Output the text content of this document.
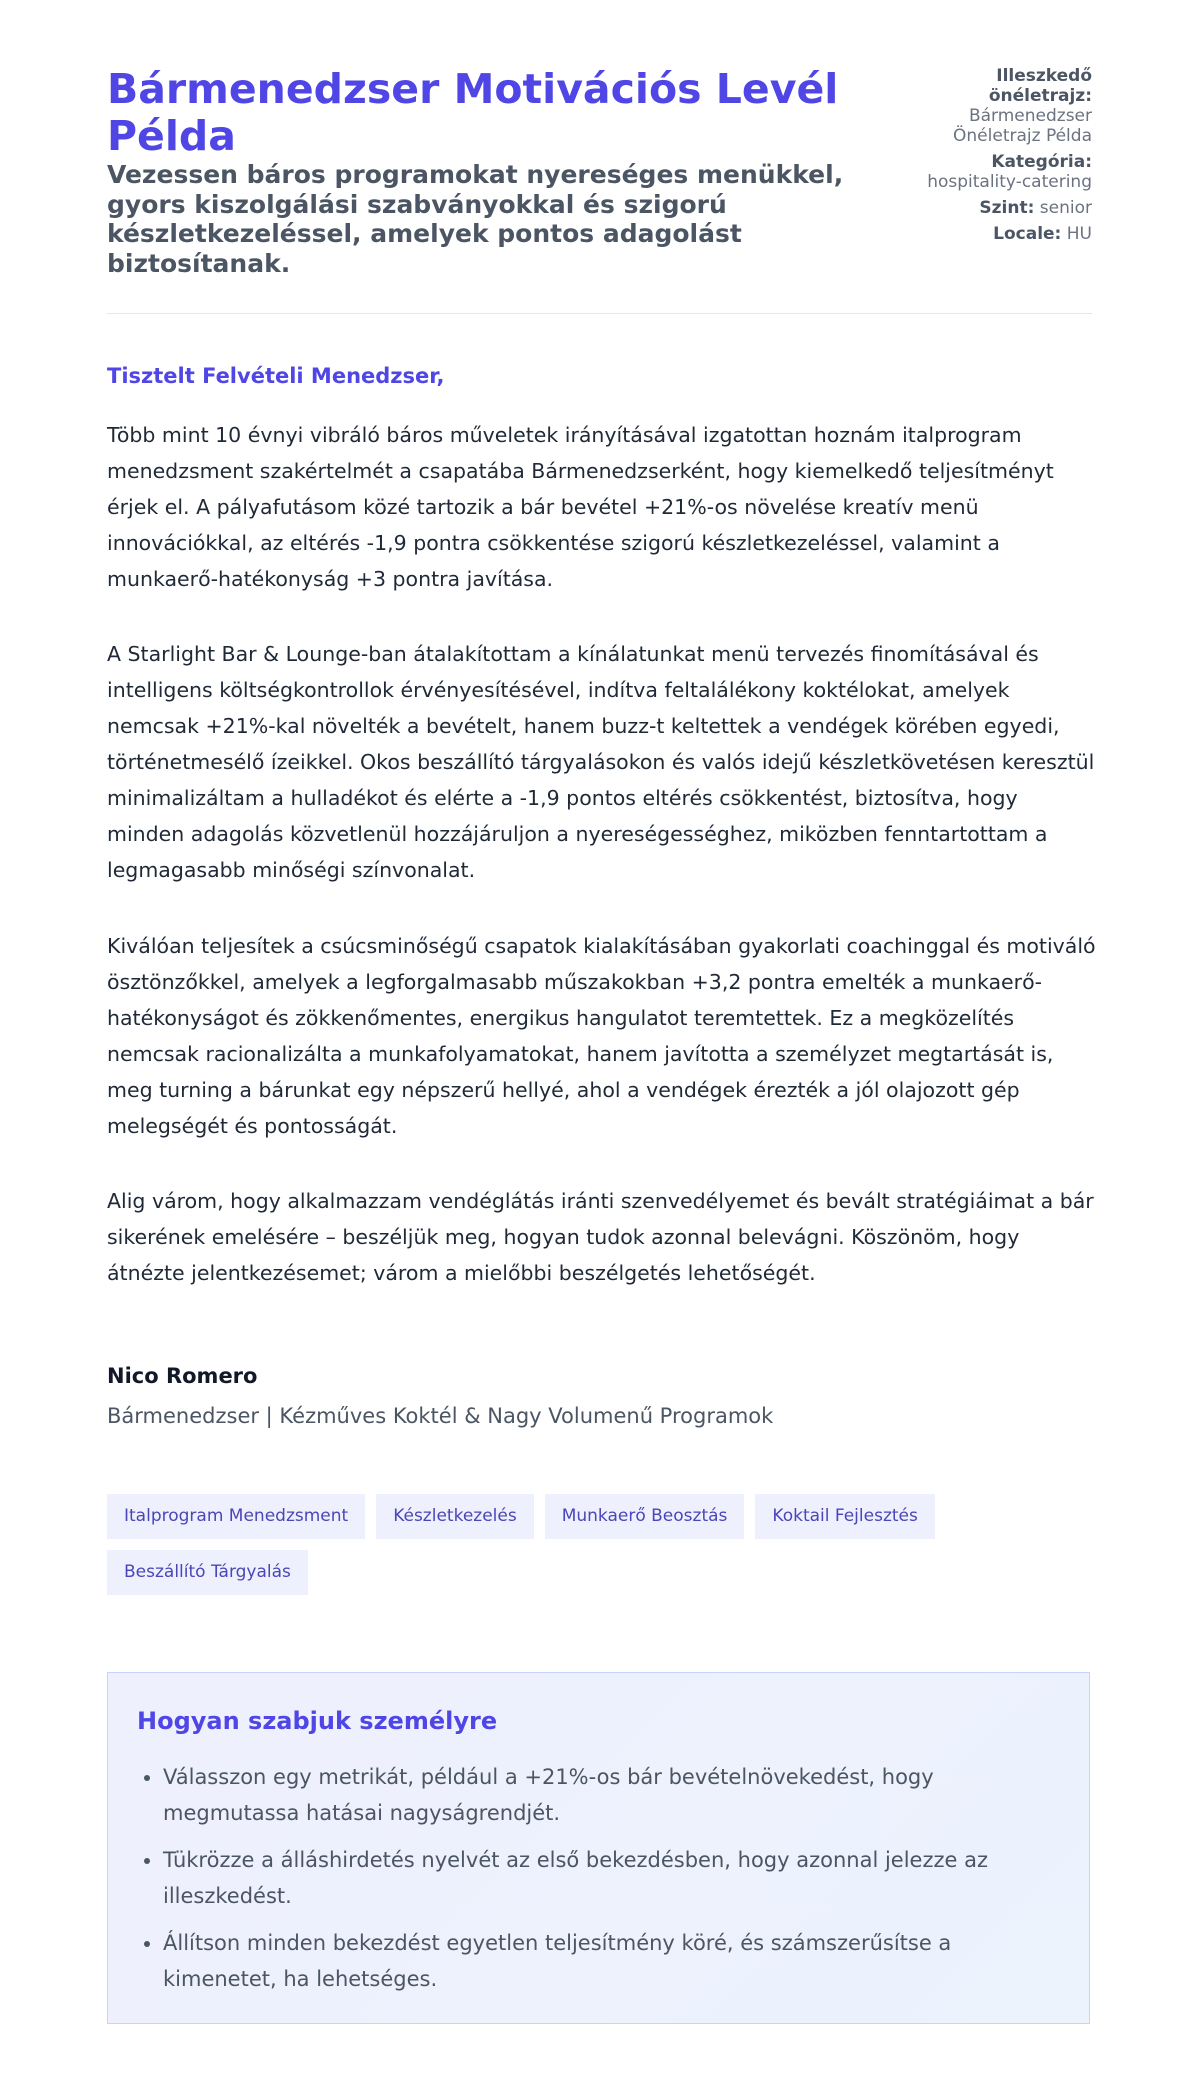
Bármenedzser Motivációs Levél Példa
Vezessen báros programokat nyereséges menükkel, gyors kiszolgálási szabványokkal és szigorú készletkezeléssel, amelyek pontos adagolást biztosítanak.
Illeszkedő önéletrajz: Bármenedzser Önéletrajz Példa
Kategória: hospitality-catering
Szint: senior
Locale: HU

Tisztelt Felvételi Menedzser,

Több mint 10 évnyi vibráló báros műveletek irányításával izgatottan hoznám italprogram menedzsment szakértelmét a csapatába Bármenedzserként, hogy kiemelkedő teljesítményt érjek el. A pályafutásom közé tartozik a bár bevétel +21%-os növelése kreatív menü innovációkkal, az eltérés -1,9 pontra csökkentése szigorú készletkezeléssel, valamint a munkaerő-hatékonyság +3 pontra javítása.

A Starlight Bar & Lounge-ban átalakítottam a kínálatunkat menü tervezés finomításával és intelligens költségkontrollok érvényesítésével, indítva feltalálékony koktélokat, amelyek nemcsak +21%-kal növelték a bevételt, hanem buzz-t keltettek a vendégek körében egyedi, történetmesélő ízeikkel. Okos beszállító tárgyalásokon és valós idejű készletkövetésen keresztül minimalizáltam a hulladékot és elérte a -1,9 pontos eltérés csökkentést, biztosítva, hogy minden adagolás közvetlenül hozzájáruljon a nyereségességhez, miközben fenntartottam a legmagasabb minőségi színvonalat.

Kiválóan teljesítek a csúcsminőségű csapatok kialakításában gyakorlati coachinggal és motiváló ösztönzőkkel, amelyek a legforgalmasabb műszakokban +3,2 pontra emelték a munkaerő-hatékonyságot és zökkenőmentes, energikus hangulatot teremtettek. Ez a megközelítés nemcsak racionalizálta a munkafolyamatokat, hanem javította a személyzet megtartását is, meg turning a bárunkat egy népszerű hellyé, ahol a vendégek érezték a jól olajozott gép melegségét és pontosságát.

Alig várom, hogy alkalmazzam vendéglátás iránti szenvedélyemet és bevált stratégiáimat a bár sikerének emelésére – beszéljük meg, hogyan tudok azonnal belevágni. Köszönöm, hogy átnézte jelentkezésemet; várom a mielőbbi beszélgetés lehetőségét.

Nico Romero
Bármenedzser | Kézműves Koktél & Nagy Volumenű Programok
Italprogram Menedzsment	Készletkezelés	Munkaerő Beosztás	Koktail Fejlesztés
Beszállító Tárgyalás
Hogyan szabjuk személyre
• Válasszon egy metrikát, például a +21%-os bár bevételnövekedést, hogy megmutassa hatásai nagyságrendjét.
• Tükrözze a álláshirdetés nyelvét az első bekezdésben, hogy azonnal jelezze az illeszkedést.
• Állítson minden bekezdést egyetlen teljesítmény köré, és számszerűsítse a kimenetet, ha lehetséges.
